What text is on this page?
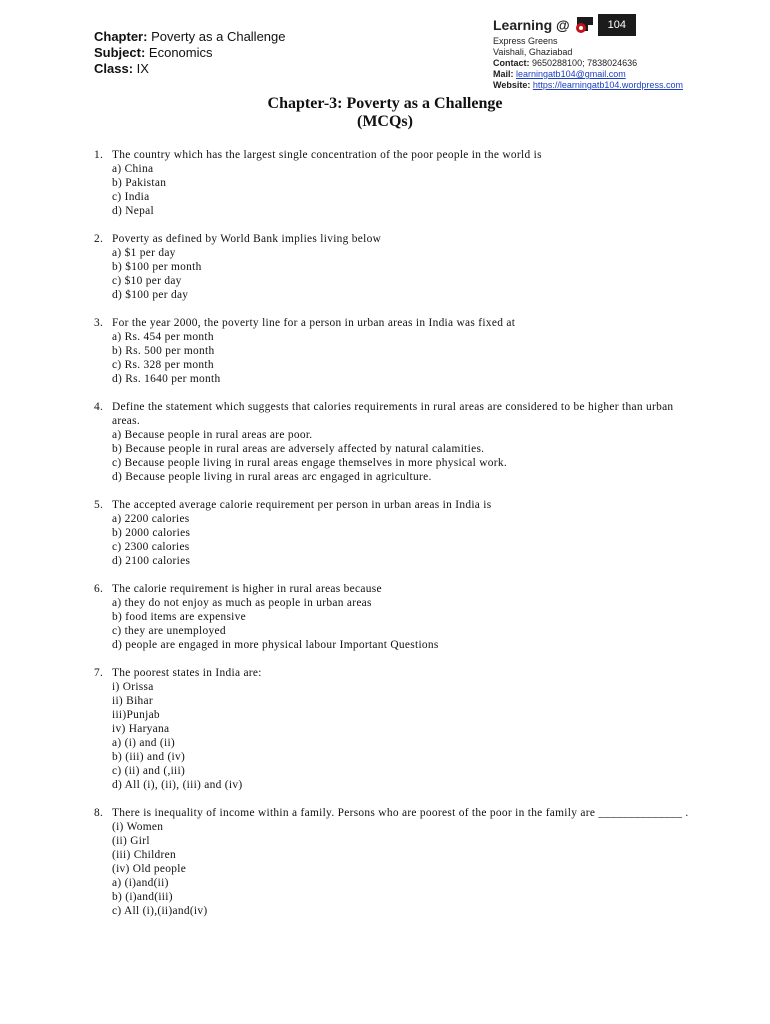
Chapter: Poverty as a Challenge
Subject: Economics
Class: IX
Learning @	104
Express Greens
Vaishali, Ghaziabad
Contact: 9650288100; 7838024636
Mail: learningatb104@gmail.com
Website: https://learningatb104.wordpress.com
Chapter-3: Poverty as a Challenge
(MCQs)
1. The country which has the largest single concentration of the poor people in the world is
a) China
b) Pakistan
c) India
d) Nepal
2. Poverty as defined by World Bank implies living below
a) $1 per day
b) $100 per month
c) $10 per day
d) $100 per day
3. For the year 2000, the poverty line for a person in urban areas in India was fixed at
a) Rs. 454 per month
b) Rs. 500 per month
c) Rs. 328 per month
d) Rs. 1640 per month
4. Define the statement which suggests that calories requirements in rural areas are considered to be higher than urban areas.
a) Because people in rural areas are poor.
b) Because people in rural areas are adversely affected by natural calamities.
c) Because people living in rural areas engage themselves in more physical work.
d) Because people living in rural areas arc engaged in agriculture.
5. The accepted average calorie requirement per person in urban areas in India is
a) 2200 calories
b) 2000 calories
c) 2300 calories
d) 2100 calories
6. The calorie requirement is higher in rural areas because
a) they do not enjoy as much as people in urban areas
b) food items are expensive
c) they are unemployed
d) people are engaged in more physical labour Important Questions
7. The poorest states in India are:
i) Orissa
ii) Bihar
iii)Punjab
iv) Haryana
a) (i) and (ii)
b) (iii) and (iv)
c) (ii) and (,iii)
d) All (i), (ii), (iii) and (iv)
8. There is inequality of income within a family. Persons who are poorest of the poor in the family are ______________ .
(i) Women
(ii) Girl
(iii) Children
(iv) Old people
a) (i)and(ii)
b) (i)and(iii)
c) All (i),(ii)and(iv)
